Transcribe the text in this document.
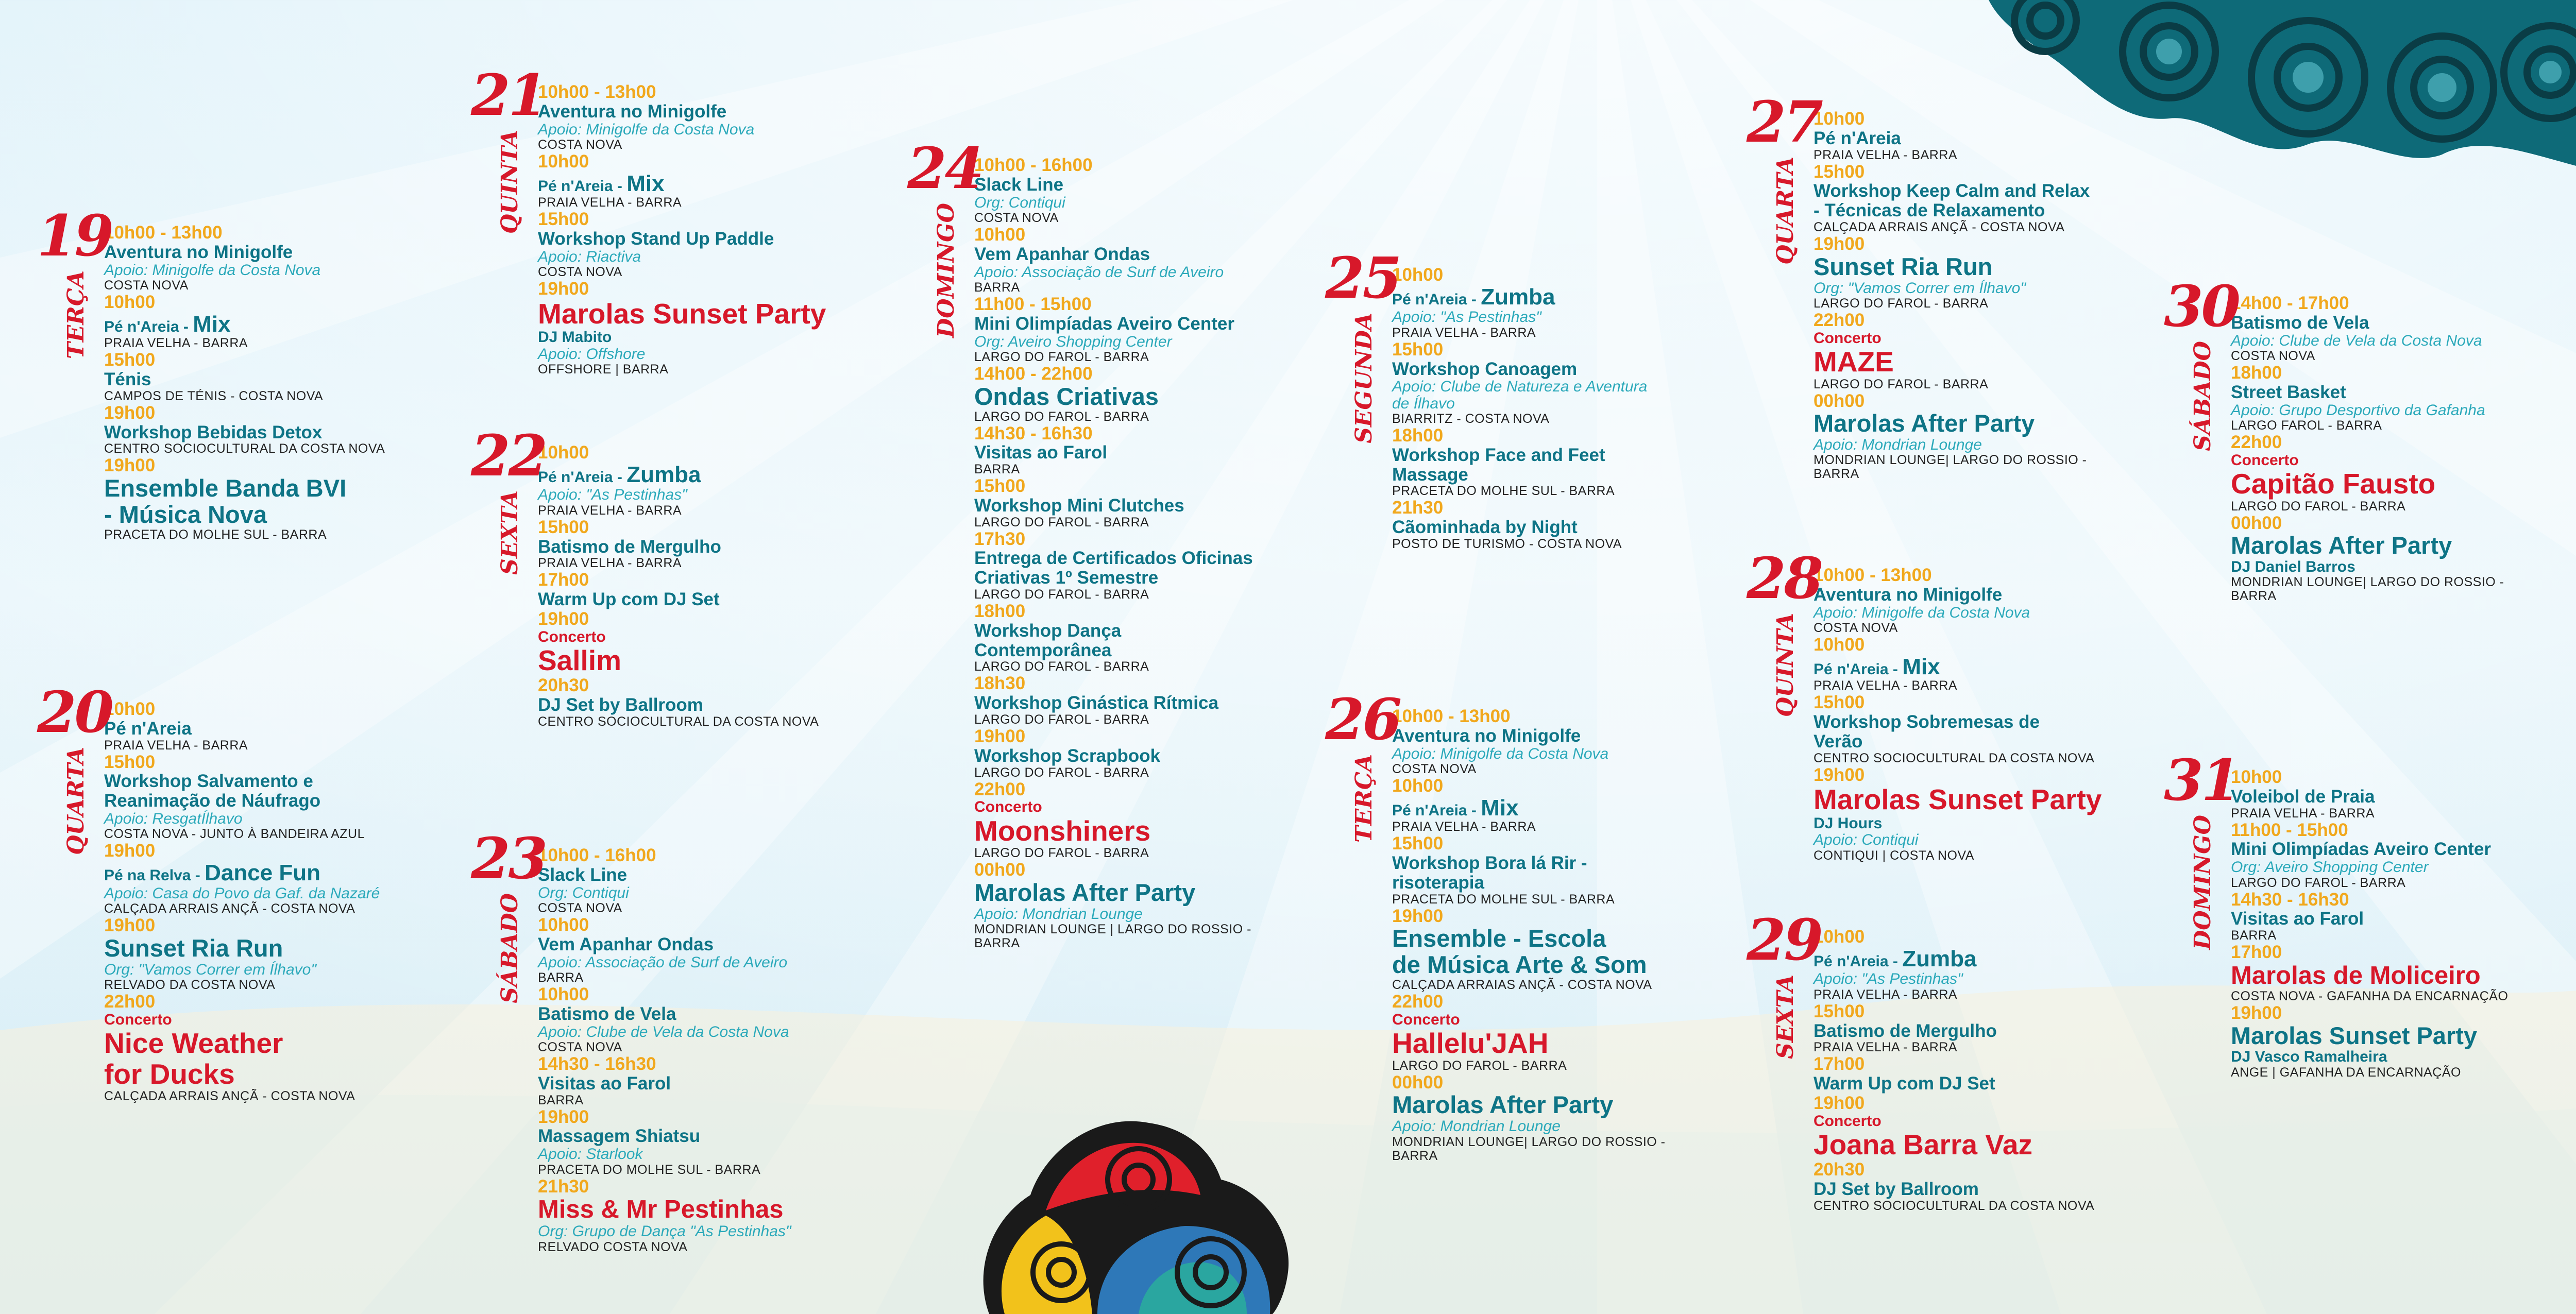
19
TERÇA

10h00 - 13h00

Aventura no Minigolfe

Apoio: Minigolfe da Costa Nova

COSTA NOVA

10h00

Pé n'Areia - Mix

PRAIA VELHA - BARRA

15h00

Ténis

CAMPOS DE TÉNIS - COSTA NOVA

19h00

Workshop Bebidas Detox

CENTRO SOCIOCULTURAL DA COSTA NOVA

19h00

Ensemble Banda BVI

- Música Nova

PRACETA DO MOLHE SUL - BARRA

20
QUARTA

10h00

Pé n'Areia

PRAIA VELHA - BARRA

15h00

Workshop Salvamento e

Reanimação de Náufrago

Apoio: ResgatÍlhavo

COSTA NOVA - JUNTO À BANDEIRA AZUL

19h00

Pé na Relva - Dance Fun

Apoio: Casa do Povo da Gaf. da Nazaré

CALÇADA ARRAIS ANÇÃ - COSTA NOVA

19h00

Sunset Ria Run

Org: "Vamos Correr em Ílhavo"

RELVADO DA COSTA NOVA

22h00

Concerto

Nice Weather

for Ducks

CALÇADA ARRAIS ANÇÃ - COSTA NOVA

21
QUINTA

10h00 - 13h00

Aventura no Minigolfe

Apoio: Minigolfe da Costa Nova

COSTA NOVA

10h00

Pé n'Areia - Mix

PRAIA VELHA - BARRA

15h00

Workshop Stand Up Paddle

Apoio: Riactiva

COSTA NOVA

19h00

Marolas Sunset Party

DJ Mabito

Apoio: Offshore

OFFSHORE | BARRA

22
SEXTA

10h00

Pé n'Areia - Zumba

Apoio: "As Pestinhas"

PRAIA VELHA - BARRA

15h00

Batismo de Mergulho

PRAIA VELHA - BARRA

17h00

Warm Up com DJ Set

19h00

Concerto

Sallim

20h30

DJ Set by Ballroom

CENTRO SOCIOCULTURAL DA COSTA NOVA

23
SÁBADO

10h00 - 16h00

Slack Line

Org: Contiqui

COSTA NOVA

10h00

Vem Apanhar Ondas

Apoio: Associação de Surf de Aveiro

BARRA

10h00

Batismo de Vela

Apoio: Clube de Vela da Costa Nova

COSTA NOVA

14h30 - 16h30

Visitas ao Farol

BARRA

19h00

Massagem Shiatsu

Apoio: Starlook

PRACETA DO MOLHE SUL - BARRA

21h30

Miss & Mr Pestinhas

Org: Grupo de Dança "As Pestinhas"

RELVADO COSTA NOVA

24
DOMINGO

10h00 - 16h00

Slack Line

Org: Contiqui

COSTA NOVA

10h00

Vem Apanhar Ondas

Apoio: Associação de Surf de Aveiro

BARRA

11h00 - 15h00

Mini Olimpíadas Aveiro Center

Org: Aveiro Shopping Center

LARGO DO FAROL - BARRA

14h00 - 22h00

Ondas Criativas

LARGO DO FAROL - BARRA

14h30 - 16h30

Visitas ao Farol

BARRA

15h00

Workshop Mini Clutches

LARGO DO FAROL - BARRA

17h30

Entrega de Certificados Oficinas

Criativas 1º Semestre

LARGO DO FAROL - BARRA

18h00

Workshop Dança

Contemporânea

LARGO DO FAROL - BARRA

18h30

Workshop Ginástica Rítmica

LARGO DO FAROL - BARRA

19h00

Workshop Scrapbook

LARGO DO FAROL - BARRA

22h00

Concerto

Moonshiners

LARGO DO FAROL - BARRA

00h00

Marolas After Party

Apoio: Mondrian Lounge

MONDRIAN LOUNGE | LARGO DO ROSSIO -

BARRA

25
SEGUNDA

10h00

Pé n'Areia - Zumba

Apoio: "As Pestinhas"

PRAIA VELHA - BARRA

15h00

Workshop Canoagem

Apoio: Clube de Natureza e Aventura

de Ílhavo

BIARRITZ - COSTA NOVA

18h00

Workshop Face and Feet

Massage

PRACETA DO MOLHE SUL - BARRA

21h30

Cãominhada by Night

POSTO DE TURISMO - COSTA NOVA

26
TERÇA

10h00 - 13h00

Aventura no Minigolfe

Apoio: Minigolfe da Costa Nova

COSTA NOVA

10h00

Pé n'Areia - Mix

PRAIA VELHA - BARRA

15h00

Workshop Bora lá Rir -

risoterapia

PRACETA DO MOLHE SUL - BARRA

19h00

Ensemble - Escola

de Música Arte & Som

CALÇADA ARRAIAS ANÇÃ - COSTA NOVA

22h00

Concerto

Hallelu'JAH

LARGO DO FAROL - BARRA

00h00

Marolas After Party

Apoio: Mondrian Lounge

MONDRIAN LOUNGE| LARGO DO ROSSIO -

BARRA

27
QUARTA

10h00

Pé n'Areia

PRAIA VELHA - BARRA

15h00

Workshop Keep Calm and Relax

- Técnicas de Relaxamento

CALÇADA ARRAIS ANÇÃ - COSTA NOVA

19h00

Sunset Ria Run

Org: "Vamos Correr em Ílhavo"

LARGO DO FAROL - BARRA

22h00

Concerto

MAZE

LARGO DO FAROL - BARRA

00h00

Marolas After Party

Apoio: Mondrian Lounge

MONDRIAN LOUNGE| LARGO DO ROSSIO -

BARRA

28
QUINTA

10h00 - 13h00

Aventura no Minigolfe

Apoio: Minigolfe da Costa Nova

COSTA NOVA

10h00

Pé n'Areia - Mix

PRAIA VELHA - BARRA

15h00

Workshop Sobremesas de

Verão

CENTRO SOCIOCULTURAL DA COSTA NOVA

19h00

Marolas Sunset Party

DJ Hours

Apoio: Contiqui

CONTIQUI | COSTA NOVA

29
SEXTA

10h00

Pé n'Areia - Zumba

Apoio: "As Pestinhas"

PRAIA VELHA - BARRA

15h00

Batismo de Mergulho

PRAIA VELHA - BARRA

17h00

Warm Up com DJ Set

19h00

Concerto

Joana Barra Vaz

20h30

DJ Set by Ballroom

CENTRO SOCIOCULTURAL DA COSTA NOVA

30
SÁBADO

14h00 - 17h00

Batismo de Vela

Apoio: Clube de Vela da Costa Nova

COSTA NOVA

18h00

Street Basket

Apoio: Grupo Desportivo da Gafanha

LARGO FAROL - BARRA

22h00

Concerto

Capitão Fausto

LARGO DO FAROL - BARRA

00h00

Marolas After Party

DJ Daniel Barros

MONDRIAN LOUNGE| LARGO DO ROSSIO -

BARRA

31
DOMINGO

10h00

Voleibol de Praia

PRAIA VELHA - BARRA

11h00 - 15h00

Mini Olimpíadas Aveiro Center

Org: Aveiro Shopping Center

LARGO DO FAROL - BARRA

14h30 - 16h30

Visitas ao Farol

BARRA

17h00

Marolas de Moliceiro

COSTA NOVA - GAFANHA DA ENCARNAÇÃO

19h00

Marolas Sunset Party

DJ Vasco Ramalheira

ANGE | GAFANHA DA ENCARNAÇÃO
